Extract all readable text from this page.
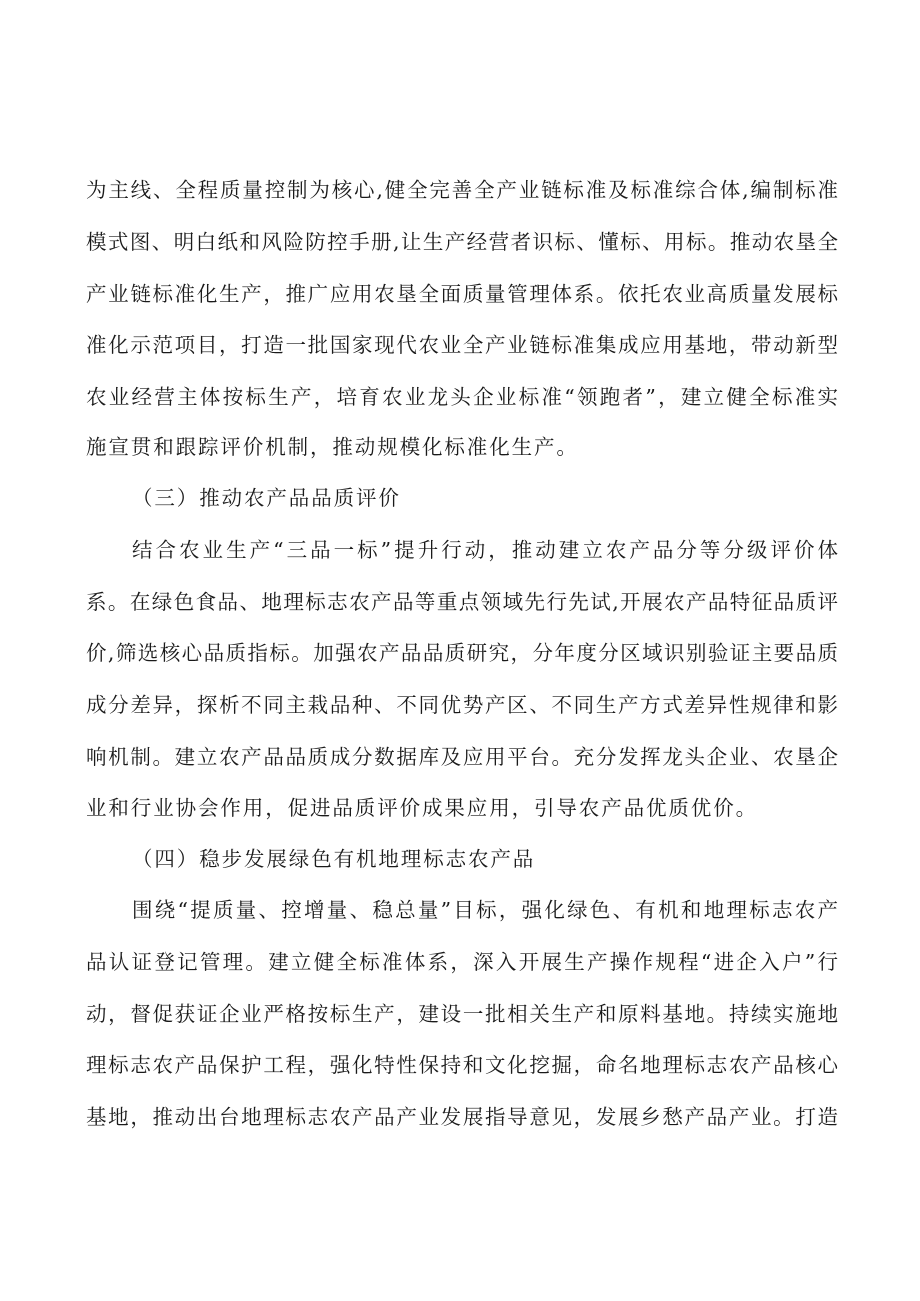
为主线、全程质量控制为核心,健全完善全产业链标准及标准综合体,编制标准
模式图、明白纸和风险防控手册,让生产经营者识标、懂标、用标。推动农垦全
产业链标准化生产，推广应用农垦全面质量管理体系。依托农业高质量发展标
准化示范项目，打造一批国家现代农业全产业链标准集成应用基地，带动新型
农业经营主体按标生产，培育农业龙头企业标准“领跑者”，建立健全标准实
施宣贯和跟踪评价机制，推动规模化标准化生产。
（三）推动农产品品质评价
结合农业生产“三品一标”提升行动，推动建立农产品分等分级评价体
系。在绿色食品、地理标志农产品等重点领域先行先试,开展农产品特征品质评
价,筛选核心品质指标。加强农产品品质研究，分年度分区域识别验证主要品质
成分差异，探析不同主栽品种、不同优势产区、不同生产方式差异性规律和影
响机制。建立农产品品质成分数据库及应用平台。充分发挥龙头企业、农垦企
业和行业协会作用，促进品质评价成果应用，引导农产品优质优价。
（四）稳步发展绿色有机地理标志农产品
围绕“提质量、控增量、稳总量”目标，强化绿色、有机和地理标志农产
品认证登记管理。建立健全标准体系，深入开展生产操作规程“进企入户”行
动，督促获证企业严格按标生产，建设一批相关生产和原料基地。持续实施地
理标志农产品保护工程，强化特性保持和文化挖掘，命名地理标志农产品核心
基地，推动出台地理标志农产品产业发展指导意见，发展乡愁产品产业。打造
